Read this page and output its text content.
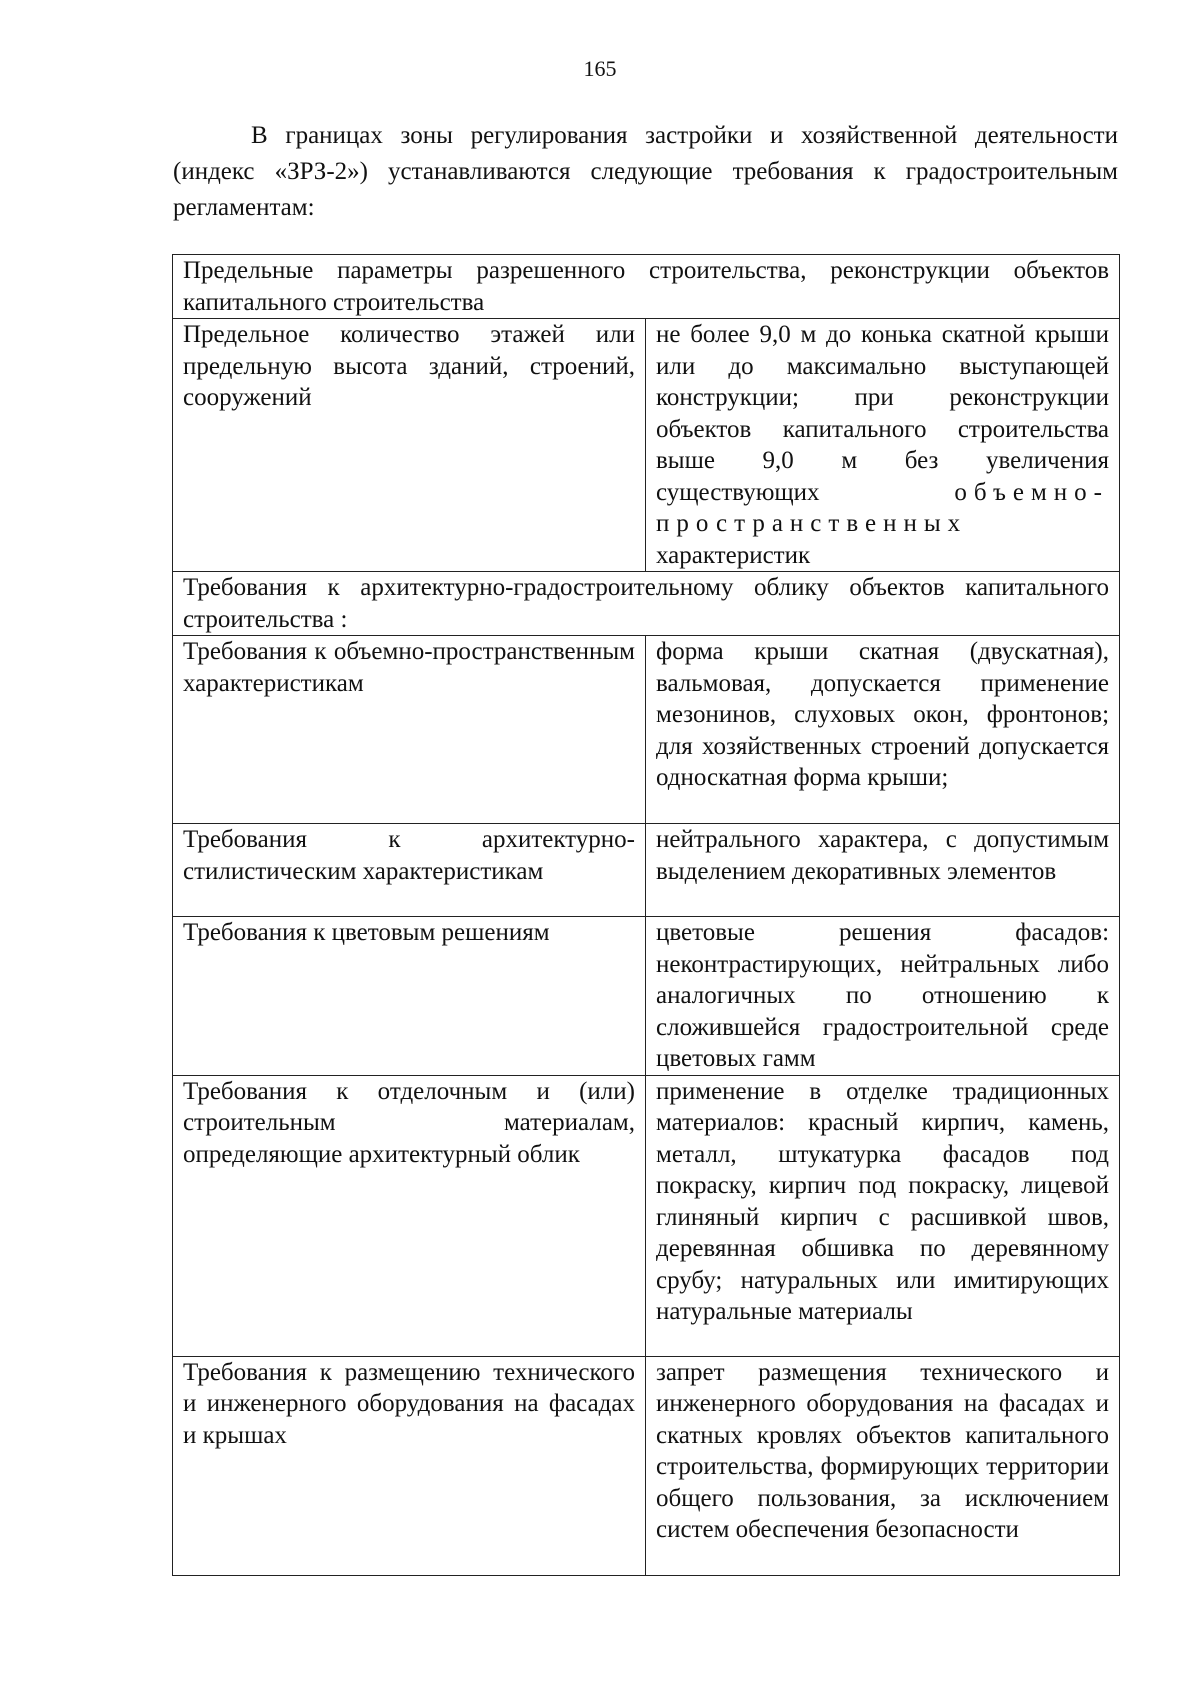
165

В границах зоны регулирования застройки и хозяйственной деятельности (индекс «ЗРЗ-2») устанавливаются следующие требования к градостроительным регламентам:

Предельные параметры разрешенного строительства, реконструкции объектов капитального строительства	
Предельное количество этажей или предельную высота зданий, строений, сооружений	не более 9,0 м до конька скатной крыши или до максимально выступающей конструкции; при реконструкции объектов капитального строительства выше 9,0 м без увеличения существующих объемно-пространственных характеристик
Требования к архитектурно-градостроительному облику объектов капитального строительства :	
Требования к объемно-пространственным характеристикам	форма крыши скатная (двускатная), вальмовая, допускается применение мезонинов, слуховых окон, фронтонов; для хозяйственных строений допускается односкатная форма крыши;
Требования к архитектурно-стилистическим характеристикам	нейтрального характера, с допустимым выделением декоративных элементов
Требования к цветовым решениям	цветовые решения фасадов: неконтрастирующих, нейтральных либо аналогичных по отношению к сложившейся градостроительной среде цветовых гамм
Требования к отделочным и (или) строительным материалам, определяющие архитектурный облик	применение в отделке традиционных материалов: красный кирпич, камень, металл, штукатурка фасадов под покраску, кирпич под покраску, лицевой глиняный кирпич с расшивкой швов, деревянная обшивка по деревянному срубу; натуральных или имитирующих натуральные материалы
Требования к размещению технического и инженерного оборудования на фасадах и крышах	запрет размещения технического и инженерного оборудования на фасадах и скатных кровлях объектов капитального строительства, формирующих территории общего пользования, за исключением систем обеспечения безопасности
